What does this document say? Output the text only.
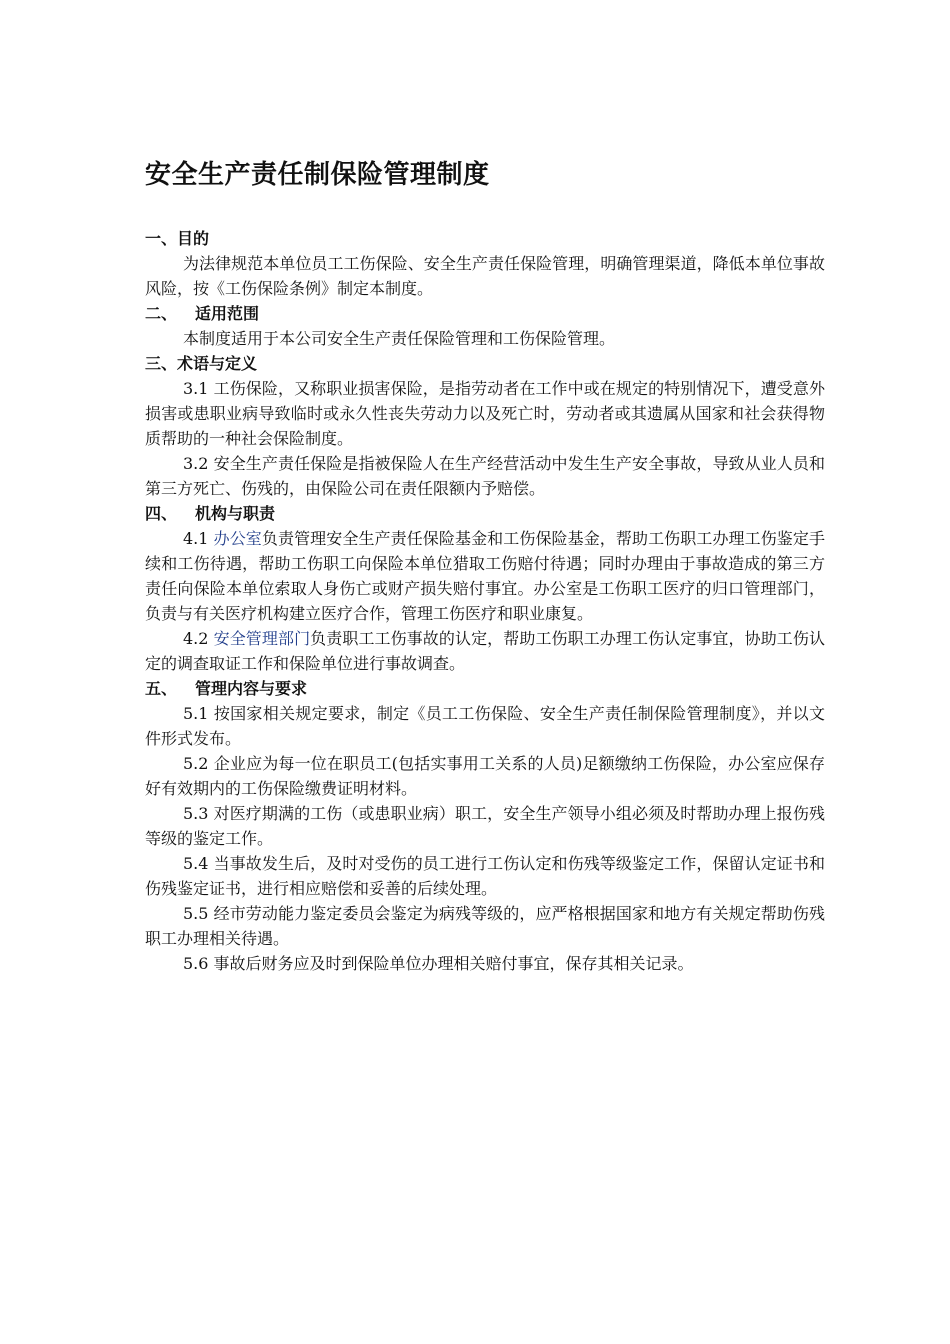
安全生产责任制保险管理制度

一、目的

为法律规范本单位员工工伤保险、安全生产责任保险管理，明确管理渠道，降低本单位事故风险，按《工伤保险条例》制定本制度。

二、 适用范围

本制度适用于本公司安全生产责任保险管理和工伤保险管理。

三、术语与定义

3.1 工伤保险，又称职业损害保险，是指劳动者在工作中或在规定的特别情况下，遭受意外损害或患职业病导致临时或永久性丧失劳动力以及死亡时，劳动者或其遗属从国家和社会获得物质帮助的一种社会保险制度。

3.2 安全生产责任保险是指被保险人在生产经营活动中发生生产安全事故，导致从业人员和第三方死亡、伤残的，由保险公司在责任限额内予赔偿。

四、 机构与职责

4.1 办公室负责管理安全生产责任保险基金和工伤保险基金，帮助工伤职工办理工伤鉴定手续和工伤待遇，帮助工伤职工向保险本单位猎取工伤赔付待遇；同时办理由于事故造成的第三方责任向保险本单位索取人身伤亡或财产损失赔付事宜。办公室是工伤职工医疗的归口管理部门，负责与有关医疗机构建立医疗合作，管理工伤医疗和职业康复。

4.2 安全管理部门负责职工工伤事故的认定，帮助工伤职工办理工伤认定事宜，协助工伤认定的调查取证工作和保险单位进行事故调查。

五、 管理内容与要求

5.1 按国家相关规定要求，制定《员工工伤保险、安全生产责任制保险管理制度》，并以文件形式发布。

5.2 企业应为每一位在职员工(包括实事用工关系的人员)足额缴纳工伤保险，办公室应保存好有效期内的工伤保险缴费证明材料。

5.3 对医疗期满的工伤（或患职业病）职工，安全生产领导小组必须及时帮助办理上报伤残等级的鉴定工作。

5.4 当事故发生后，及时对受伤的员工进行工伤认定和伤残等级鉴定工作，保留认定证书和伤残鉴定证书，进行相应赔偿和妥善的后续处理。

5.5 经市劳动能力鉴定委员会鉴定为病残等级的，应严格根据国家和地方有关规定帮助伤残职工办理相关待遇。

5.6 事故后财务应及时到保险单位办理相关赔付事宜，保存其相关记录。
